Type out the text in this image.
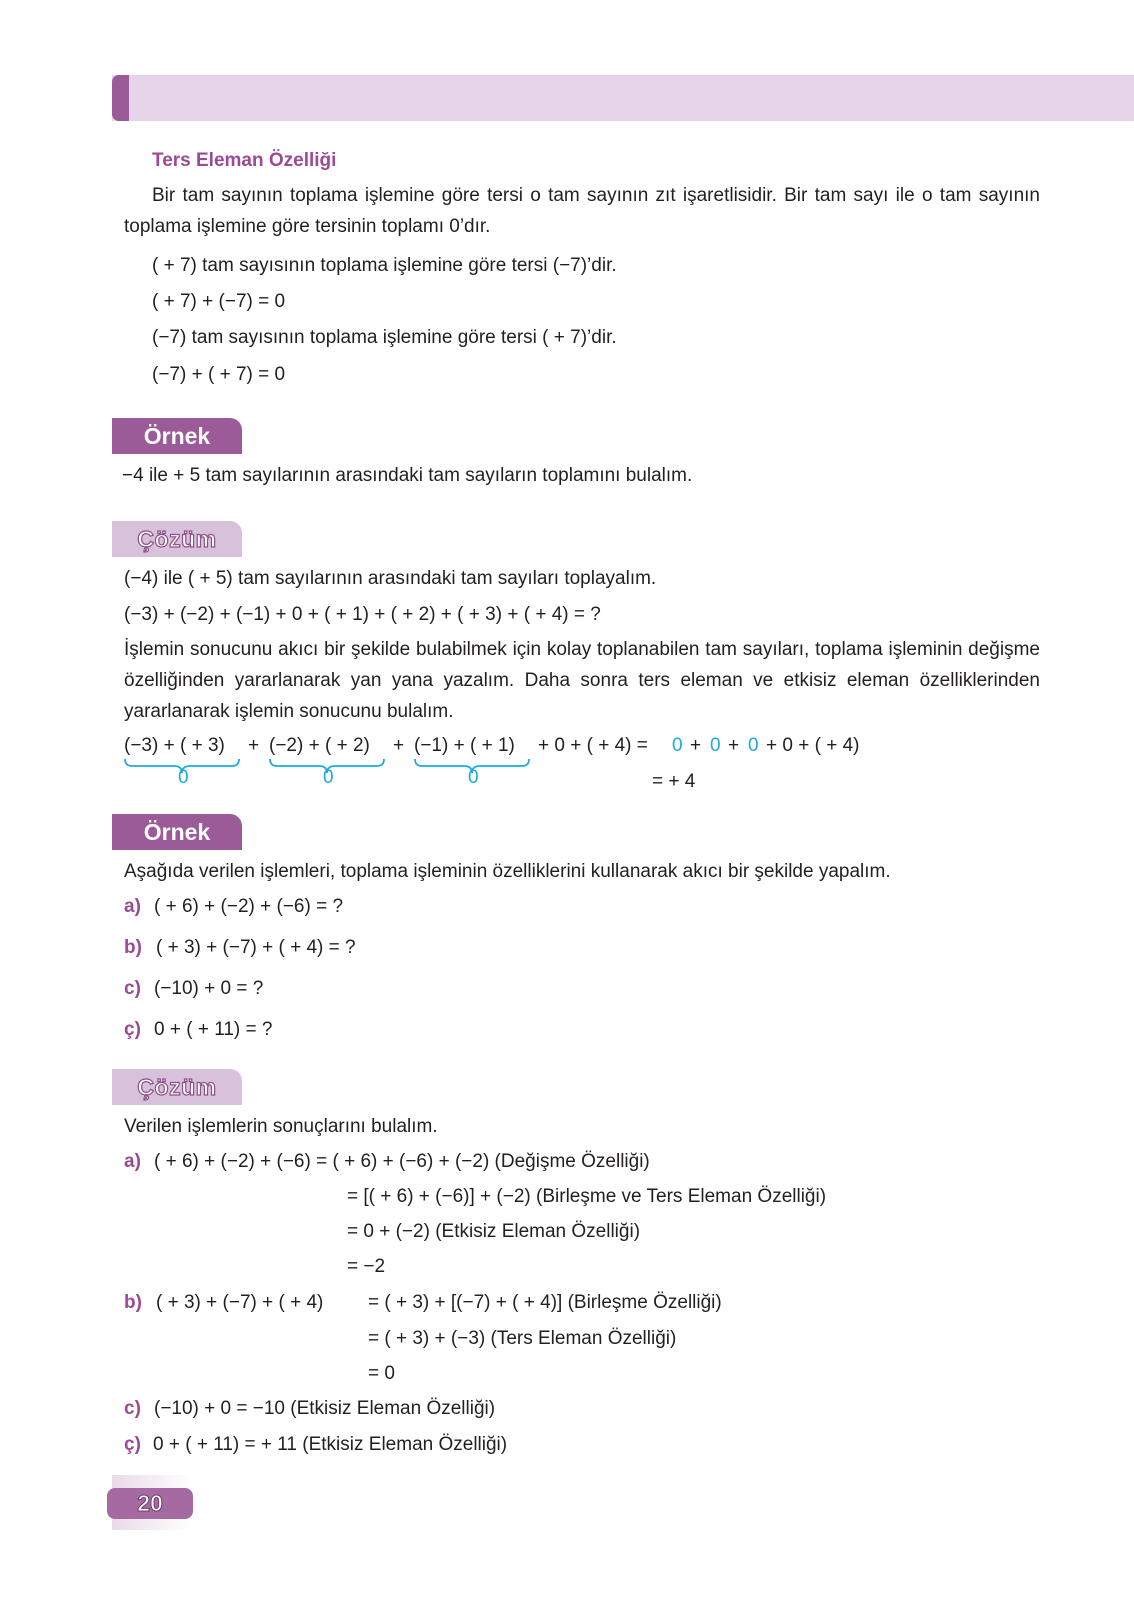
Ters Eleman Özelliği
Bir tam sayının toplama işlemine göre tersi o tam sayının zıt işaretlisidir. Bir tam sayı ile o tam sayının toplama işlemine göre tersinin toplamı 0’dır.
( + 7) tam sayısının toplama işlemine göre tersi (−7)’dir.
( + 7) + (−7) = 0
(−7) tam sayısının toplama işlemine göre tersi ( + 7)’dir.
(−7) + ( + 7) = 0
Örnek
−4 ile + 5 tam sayılarının arasındaki tam sayıların toplamını bulalım.
Çözüm
(−4) ile ( + 5) tam sayılarının arasındaki tam sayıları toplayalım.
(−3) + (−2) + (−1) + 0 + ( + 1) + ( + 2) + ( + 3) + ( + 4) = ?
İşlemin sonucunu akıcı bir şekilde bulabilmek için kolay toplanabilen tam sayıları, toplama işleminin değişme özelliğinden yararlanarak yan yana yazalım. Daha sonra ters eleman ve etkisiz eleman özelliklerinden yararlanarak işlemin sonucunu bulalım.
(−3) + ( + 3) + (−2) + ( + 2) + (−1) + ( + 1) + 0 + ( + 4) = 0 + 0 + 0 + 0 + ( + 4)
0	0	0	= + 4
Örnek
Aşağıda verilen işlemleri, toplama işleminin özelliklerini kullanarak akıcı bir şekilde yapalım.
a) ( + 6) + (−2) + (−6) = ?
b) ( + 3) + (−7) + ( + 4) = ?
c) (−10) + 0 = ?
ç) 0 + ( + 11) = ?
Çözüm
Verilen işlemlerin sonuçlarını bulalım.
a) ( + 6) + (−2) + (−6) = ( + 6) + (−6) + (−2) (Değişme Özelliği)
= [( + 6) + (−6)] + (−2) (Birleşme ve Ters Eleman Özelliği)
= 0 + (−2) (Etkisiz Eleman Özelliği)
= −2
b) ( + 3) + (−7) + ( + 4) = ( + 3) + [(−7) + ( + 4)] (Birleşme Özelliği)
= ( + 3) + (−3) (Ters Eleman Özelliği)
= 0
c) (−10) + 0 = −10 (Etkisiz Eleman Özelliği)
ç) 0 + ( + 11) = + 11 (Etkisiz Eleman Özelliği)
20
